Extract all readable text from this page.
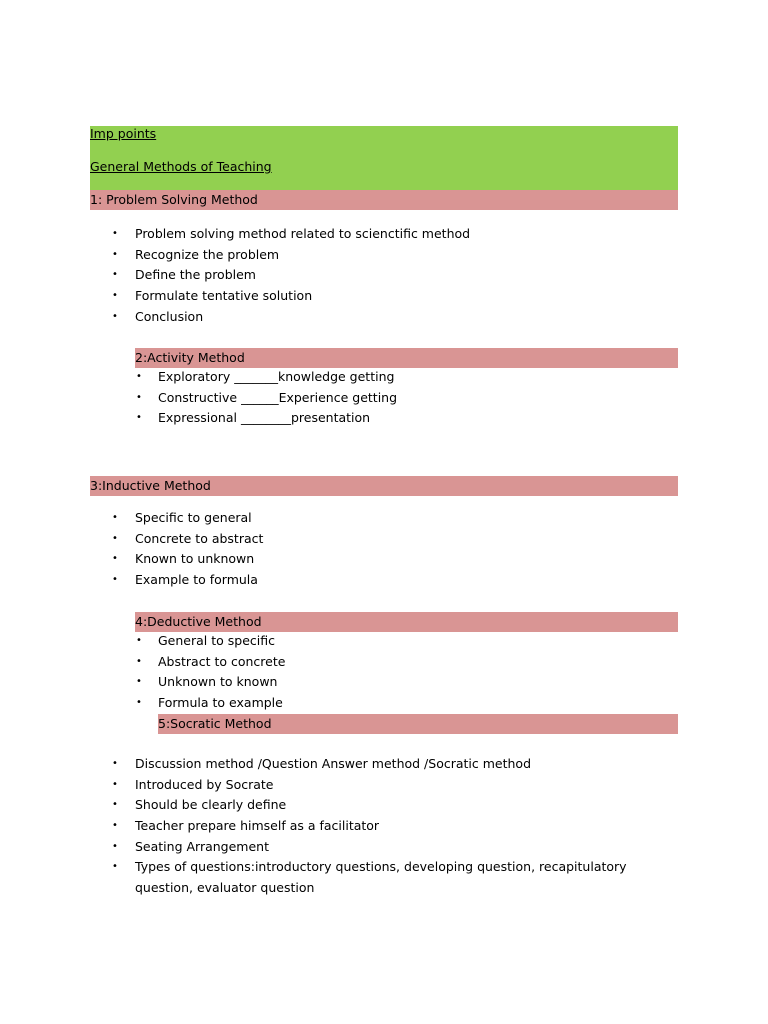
Imp points
General Methods of Teaching
1: Problem Solving Method
• Problem solving method related to scienctific method
• Recognize the problem
• Define the problem
• Formulate tentative solution
• Conclusion
2:Activity Method
• Exploratory _______knowledge getting
• Constructive ______Experience getting
• Expressional ________presentation
3:Inductive Method
• Specific to general
• Concrete to abstract
• Known to unknown
• Example to formula
4:Deductive Method
• General to specific
• Abstract to concrete
• Unknown to known
• Formula to example
5:Socratic Method
• Discussion method /Question Answer method /Socratic method
• Introduced by Socrate
• Should be clearly define
• Teacher prepare himself as a facilitator
• Seating Arrangement
• Types of questions:introductory questions, developing question, recapitulatory question, evaluator question
